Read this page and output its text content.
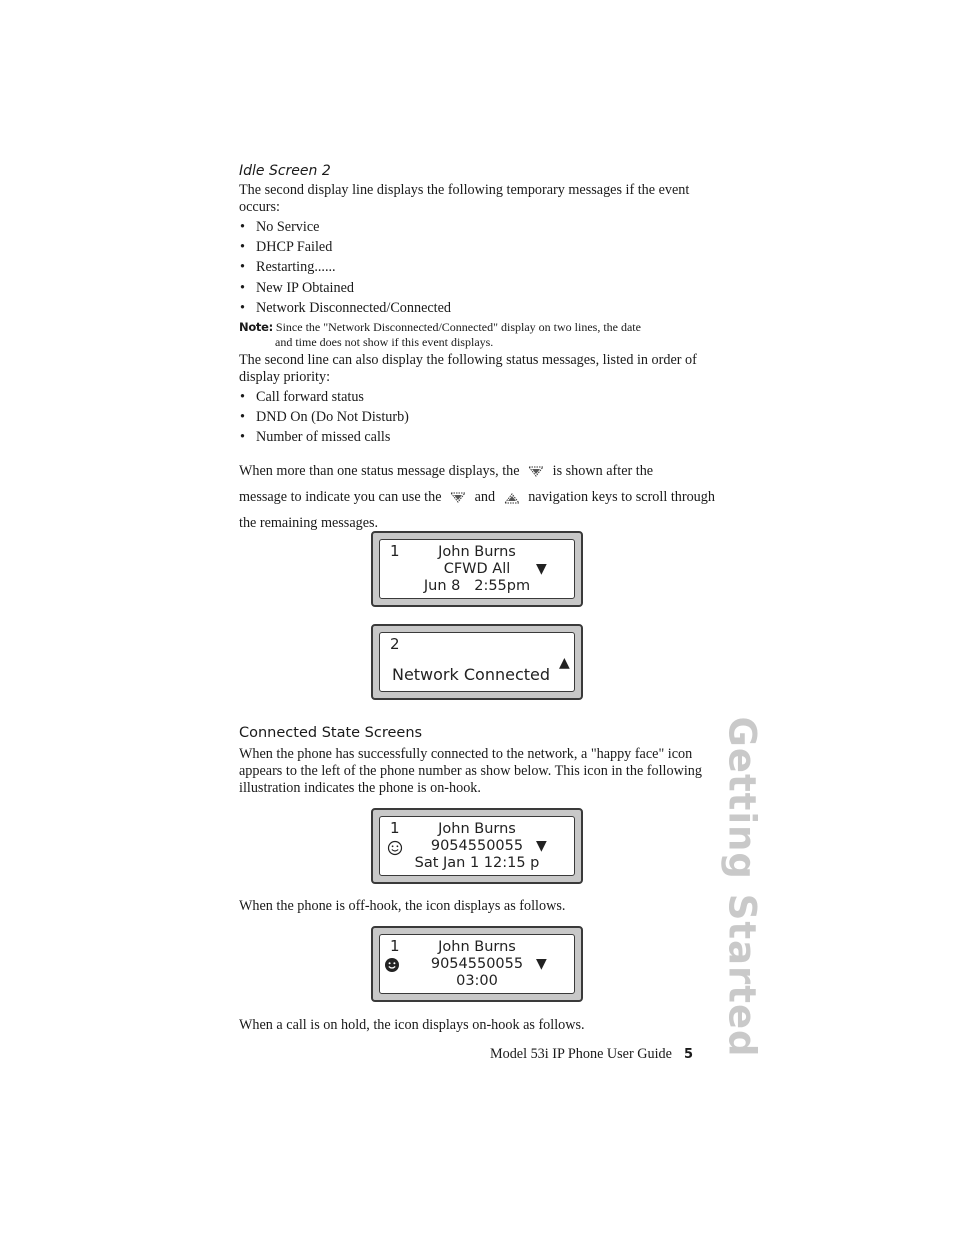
Idle Screen 2

The second display line displays the following temporary messages if the event occurs:

• No Service
• DHCP Failed
• Restarting......
• New IP Obtained
• Network Disconnected/Connected
Note: Since the "Network Disconnected/Connected" display on two lines, the date
and time does not show if this event displays.

The second line can also display the following status messages, listed in order of display priority:

• Call forward status
• DND On (Do Not Disturb)
• Number of missed calls

When more than one status message displays, the is shown after the
message to indicate you can use the and navigation keys to scroll through the remaining messages.

1	John Burns
CFWD All
Jun 8 2:55pm
▼
2
Network Connected
▲
Connected State Screens

When the phone has successfully connected to the network, a "happy face" icon appears to the left of the phone number as show below. This icon in the following illustration indicates the phone is on-hook.

1	John Burns
9054550055
Sat Jan 1 12:15 p
▼

When the phone is off-hook, the icon displays as follows.

1	John Burns
9054550055
03:00
▼

When a call is on hold, the icon displays on-hook as follows.	Getting Started
Model 53i IP Phone User Guide 5
